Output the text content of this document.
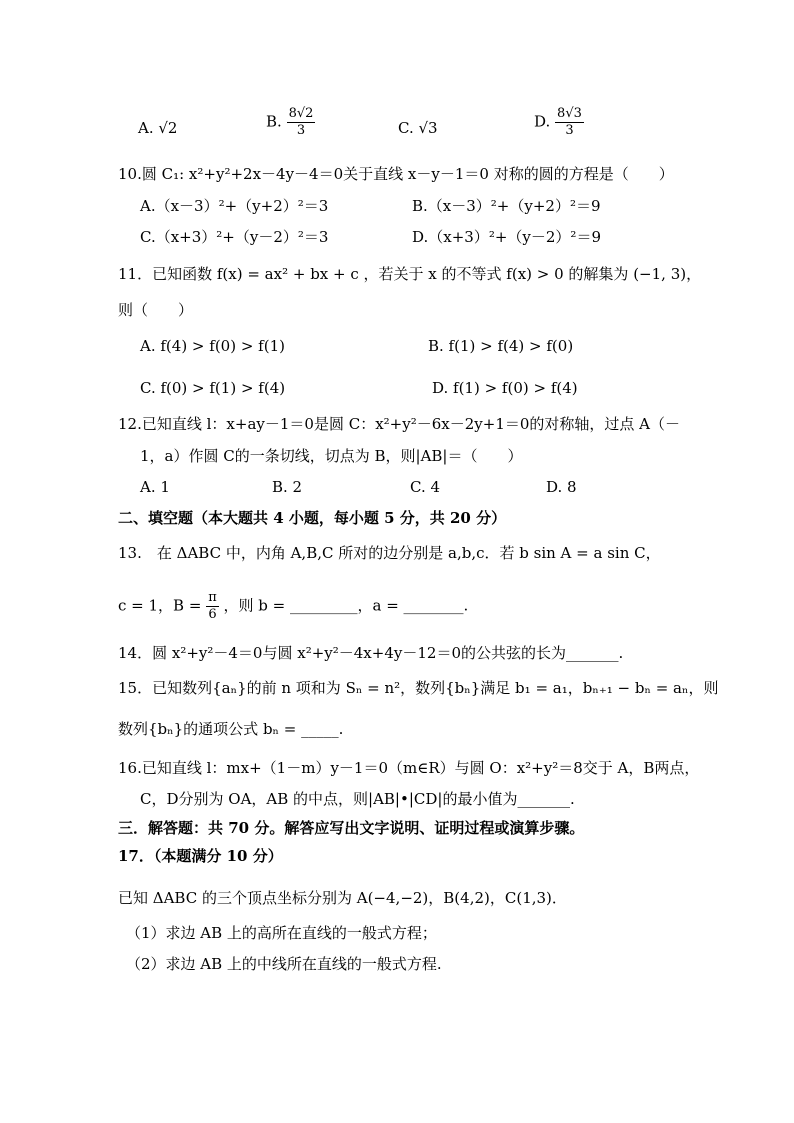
A. √2	B. $\frac{8√2}{3}$	C. √3	D. $\frac{8√3}{3}$
10.圆 C₁: x²+y²+2x－4y－4＝0关于直线 x－y－1＝0 对称的圆的方程是（　　）
A.（x－3）²+（y+2）²＝3	B.（x－3）²+（y+2）²＝9
C.（x+3）²+（y－2）²＝3	D.（x+3）²+（y－2）²＝9
11．已知函数 f(x) = ax² + bx + c ，若关于 x 的不等式 f(x) > 0 的解集为 (−1, 3)，
则（　　）
A. f(4) > f(0) > f(1)	B. f(1) > f(4) > f(0)
C. f(0) > f(1) > f(4)	D. f(1) > f(0) > f(4)
12.已知直线 l：x+ay－1＝0是圆 C：x²+y²－6x－2y+1＝0的对称轴，过点 A（－
1，a）作圆 C的一条切线，切点为 B，则|AB|＝（　　）
A. 1	B. 2	C. 4	D. 8
二、填空题（本大题共 4 小题，每小题 5 分，共 20 分）
13.　在 ΔABC 中，内角 A,B,C 所对的边分别是 a,b,c．若 b sin A = a sin C，
c = 1，$B = \frac{\pi}{6}$ ，则 b = _________，a = ________.
14．圆 x²+y²－4＝0与圆 x²+y²－4x+4y－12＝0的公共弦的长为_______.
15．已知数列{aₙ}的前 n 项和为 Sₙ = n²，数列{bₙ}满足 b₁ = a₁，bₙ₊₁ − bₙ = aₙ，则
数列{bₙ}的通项公式 bₙ = _____.
16.已知直线 l：mx+（1－m）y－1＝0（m∈R）与圆 O：x²+y²＝8交于 A，B两点，
C，D分别为 OA，AB 的中点，则|AB|•|CD|的最小值为_______.
三．解答题：共 70 分。解答应写出文字说明、证明过程或演算步骤。
17．（本题满分 10 分）
已知 ΔABC 的三个顶点坐标分别为 A(−4,−2)，B(4,2)，C(1,3)．
（1）求边 AB 上的高所在直线的一般式方程；
（2）求边 AB 上的中线所在直线的一般式方程.
